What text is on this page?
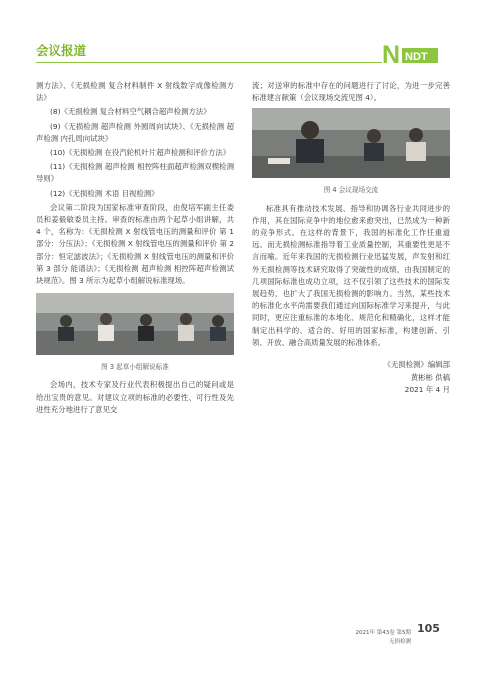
会议报道	N NDT

测方法》、《无损检测 复合材料制件 X 射线数字成像检测方法》

(8)《无损检测 复合材料空气耦合超声检测方法》

(9)《无损检测 超声检测 外圆周向试块》、《无损检测 超声检测 内孔周向试块》

(10)《无损检测 在役汽轮机叶片超声检测和评价方法》

(11)《无损检测 超声检测 相控阵柱面超声检测双楔检测导则》

(12)《无损检测 术语 目视检测》

会议第二阶段为国家标准审查阶段，由倪培军副主任委员和姜毅敏委员主持。审查的标准由两个起草小组讲解，共 4 个，名称为：《无损检测 X 射线管电压的测量和评价 第 1 部分：分压法》；《无损检测 X 射线管电压的测量和评价 第 2 部分：恒定滤波法》；《无损检测 X 射线管电压的测量和评价 第 3 部分 能谱法》；《无损检测 超声检测 相控阵超声检测试块规范》。图 3 所示为起草小组解说标准现场。

图 3 起草小组解说标准

会场内，技术专家及行业代表积极提出自己的疑问或是给出宝贵的意见。对建议立项的标准的必要性、可行性及先进性充分地进行了意见交

流；对送审的标准中存在的问题进行了讨论，为进一步完善标准建言献策（会议现场交流见图 4）。

图 4 会议现场交流

标准具有推动技术发展、指导和协调各行业共同进步的作用，其在国际竞争中的地位愈来愈突出，已然成为一种新的竞争形式。在这样的背景下，我国的标准化工作任重道远。而无损检测标准指导着工业质量控制，其重要性更是不言而喻。近年来我国的无损检测行业迅猛发展，声发射和红外无损检测等技术研究取得了突破性的成绩，由我国制定的几项国际标准也成功立项，这不仅引领了这些技术的国际发展趋势，也扩大了我国无损检测的影响力。当然，某些技术的标准化水平尚需要我们通过向国际标准学习来提升，与此同时，更应注重标准的本地化、规范化和精确化，这样才能制定出科学的、适合的、好用的国家标准，构建创新、引领、开放、融合高质量发展的标准体系。

《无损检测》编辑部
黄彬彬 供稿
2021 年 4 月
2021年 第43卷 第5期
无损检测
105
